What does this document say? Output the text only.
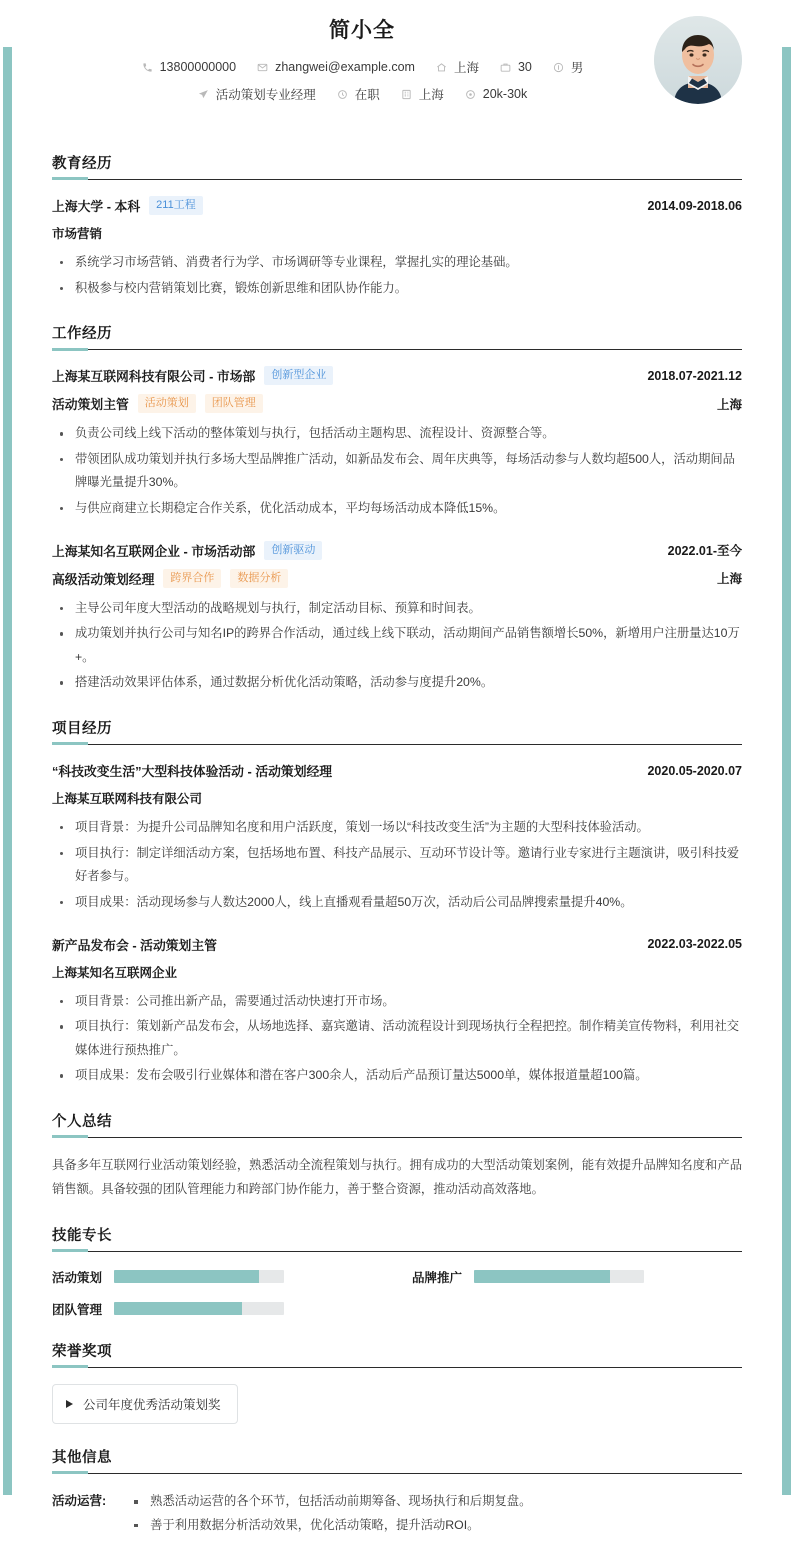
简小全
13800000000	zhangwei@example.com	上海	30	男
活动策划专业经理	在职	上海	20k-30k
教育经历
上海大学 - 本科	211工程	2014.09-2018.06
市场营销
系统学习市场营销、消费者行为学、市场调研等专业课程，掌握扎实的理论基础。
积极参与校内营销策划比赛，锻炼创新思维和团队协作能力。
工作经历
上海某互联网科技有限公司 - 市场部	创新型企业	2018.07-2021.12
活动策划主管	活动策划	团队管理	上海
负责公司线上线下活动的整体策划与执行，包括活动主题构思、流程设计、资源整合等。
带领团队成功策划并执行多场大型品牌推广活动，如新品发布会、周年庆典等，每场活动参与人数均超500人，活动期间品牌曝光量提升30%。
与供应商建立长期稳定合作关系，优化活动成本，平均每场活动成本降低15%。
上海某知名互联网企业 - 市场活动部	创新驱动	2022.01-至今
高级活动策划经理	跨界合作	数据分析	上海
主导公司年度大型活动的战略规划与执行，制定活动目标、预算和时间表。
成功策划并执行公司与知名IP的跨界合作活动，通过线上线下联动，活动期间产品销售额增长50%，新增用户注册量达10万+。
搭建活动效果评估体系，通过数据分析优化活动策略，活动参与度提升20%。
项目经历
“科技改变生活”大型科技体验活动 - 活动策划经理	2020.05-2020.07
上海某互联网科技有限公司
项目背景：为提升公司品牌知名度和用户活跃度，策划一场以“科技改变生活”为主题的大型科技体验活动。
项目执行：制定详细活动方案，包括场地布置、科技产品展示、互动环节设计等。邀请行业专家进行主题演讲，吸引科技爱好者参与。
项目成果：活动现场参与人数达2000人，线上直播观看量超50万次，活动后公司品牌搜索量提升40%。
新产品发布会 - 活动策划主管	2022.03-2022.05
上海某知名互联网企业
项目背景：公司推出新产品，需要通过活动快速打开市场。
项目执行：策划新产品发布会，从场地选择、嘉宾邀请、活动流程设计到现场执行全程把控。制作精美宣传物料，利用社交媒体进行预热推广。
项目成果：发布会吸引行业媒体和潜在客户300余人，活动后产品预订量达5000单，媒体报道量超100篇。
个人总结
具备多年互联网行业活动策划经验，熟悉活动全流程策划与执行。拥有成功的大型活动策划案例，能有效提升品牌知名度和产品销售额。具备较强的团队管理能力和跨部门协作能力，善于整合资源，推动活动高效落地。
技能专长
活动策划	品牌推广
团队管理
荣誉奖项
公司年度优秀活动策划奖
其他信息
活动运营:	熟悉活动运营的各个环节，包括活动前期筹备、现场执行和后期复盘。
善于利用数据分析活动效果，优化活动策略，提升活动ROI。
